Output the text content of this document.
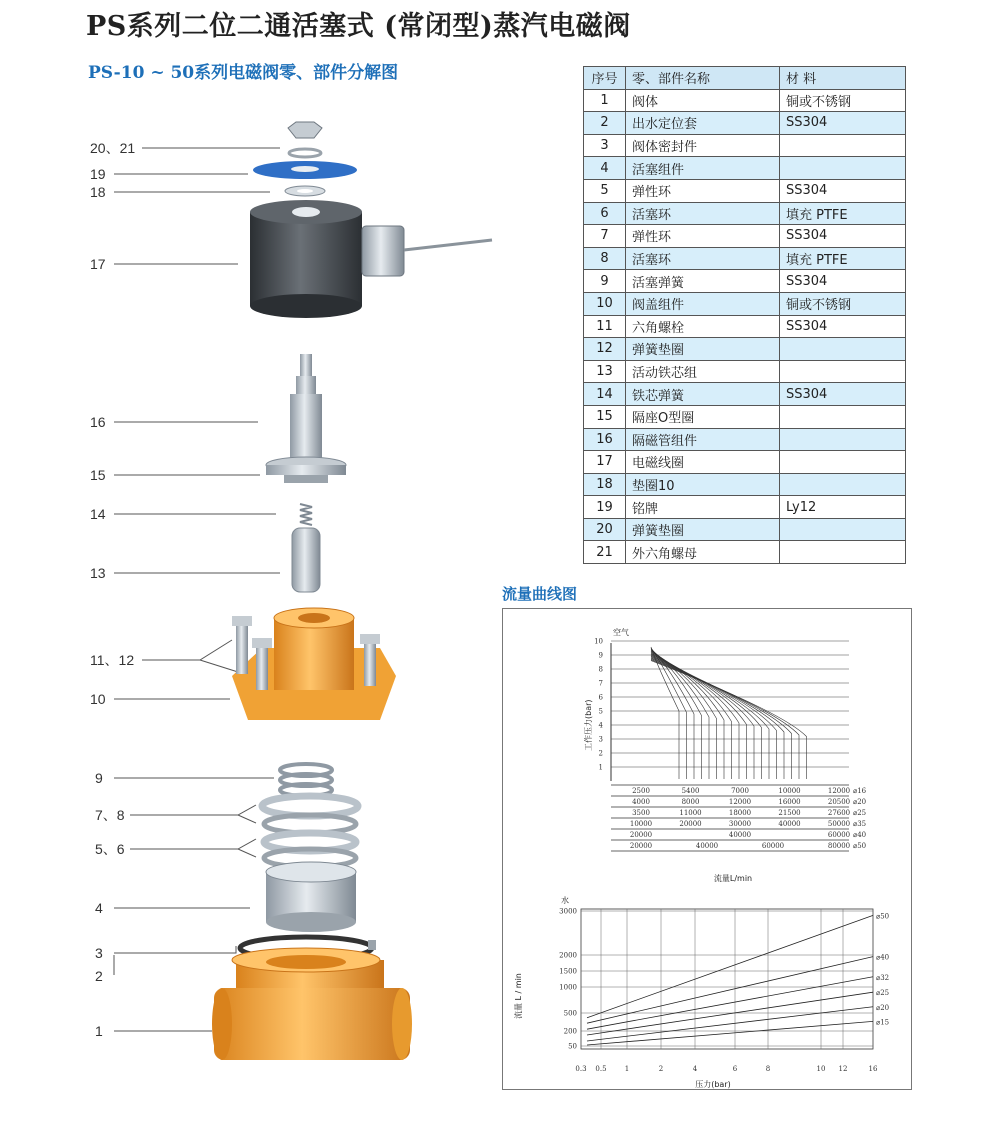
PS系列二位二通活塞式 (常闭型)蒸汽电磁阀
PS-10 ~ 50系列电磁阀零、部件分解图
20、21
19
18
17
16
15
14
13
11、12
10
9
7、8
5、6
4
3
2
1
序号	零、部件名称	材 料
1	阀体	铜或不锈钢
2	出水定位套	SS304
3	阀体密封件	
4	活塞组件	
5	弹性环	SS304
6	活塞环	填充 PTFE
7	弹性环	SS304
8	活塞环	填充 PTFE
9	活塞弹簧	SS304
10	阀盖组件	铜或不锈钢
11	六角螺栓	SS304
12	弹簧垫圈	
13	活动铁芯组	
14	铁芯弹簧	SS304
15	隔座O型圈	
16	隔磁管组件	
17	电磁线圈	
18	垫圈10	
19	铭牌	Ly12
20	弹簧垫圈	
21	外六角螺母	
流量曲线图
空气
1
2
3
4
5
6
7
8
9
10
工作压力(bar)
2500	5400	7000	10000	12000 ⌀16
4000	8000	12000	16000	20500 ⌀20
3500	11000	18000	21500	27600 ⌀25
10000	20000	30000	40000	50000 ⌀35
20000	40000	60000 ⌀40
20000	40000	60000	80000 ⌀50
流量L/min
水
0.3 0.5	1	2	4	6	8	10 12	16
50
200
500
1000
1500
2000
3000
⌀50
⌀40
⌀32
⌀25
⌀20
⌀15
流量 L / min
压力(bar)
